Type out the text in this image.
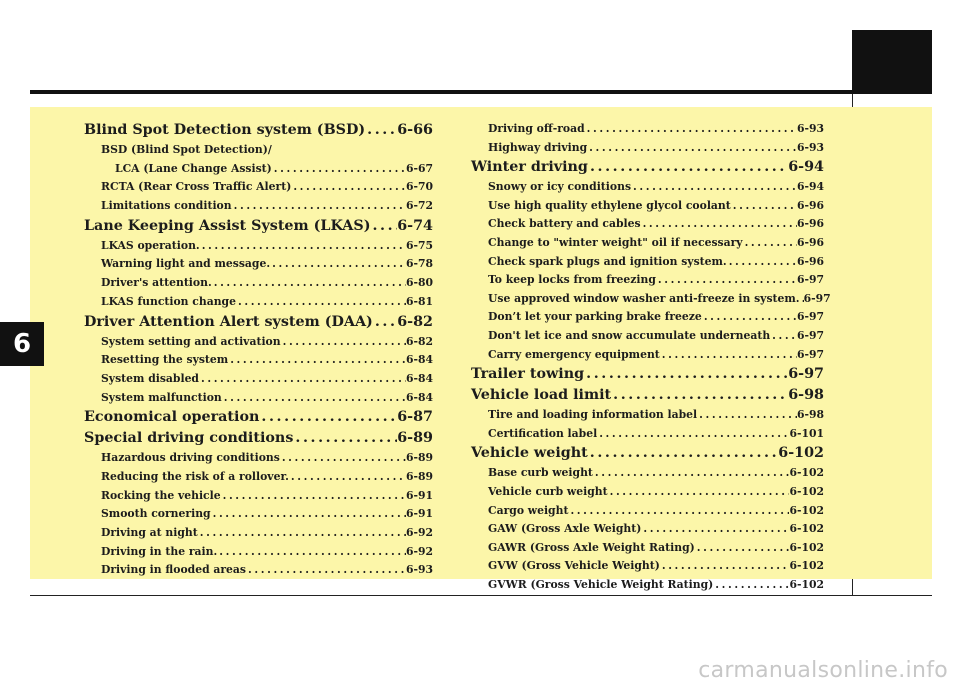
6
Blind Spot Detection system (BSD) ..... 6-66
BSD (Blind Spot Detection)/
LCA (Lane Change Assist) .....	6-67
RCTA (Rear Cross Traffic Alert) .....	6-70
Limitations condition .....	6-72
Lane Keeping Assist System (LKAS) ..... 6-74
LKAS operation. .....	6-75
Warning light and message. .....	6-78
Driver's attention. .....	6-80
LKAS function change .....	6-81
Driver Attention Alert system (DAA) ..... 6-82
System setting and activation .....	6-82
Resetting the system .....	6-84
System disabled .....	6-84
System malfunction .....	6-84
Economical operation .....	6-87
Special driving conditions .....	6-89
Hazardous driving conditions .....	6-89
Reducing the risk of a rollover. .....	6-89
Rocking the vehicle .....	6-91
Smooth cornering .....	6-91
Driving at night .....	6-92
Driving in the rain. .....	6-92
Driving in flooded areas .....	6-93
Driving off-road .....	6-93
Highway driving .....	6-93
Winter driving .....	6-94
Snowy or icy conditions .....	6-94
Use high quality ethylene glycol coolant .....	6-96
Check battery and cables .....	6-96
Change to "winter weight" oil if necessary .....	6-96
Check spark plugs and ignition system. .....	6-96
To keep locks from freezing .....	6-97
Use approved window washer anti-freeze in system. ..... 6-97
Don’t let your parking brake freeze .....	6-97
Don't let ice and snow accumulate underneath ..... 6-97
Carry emergency equipment .....	6-97
Trailer towing .....	6-97
Vehicle load limit .....	6-98
Tire and loading information label .....	6-98
Certification label .....	6-101
Vehicle weight .....	6-102
Base curb weight .....	6-102
Vehicle curb weight .....	6-102
Cargo weight .....	6-102
GAW (Gross Axle Weight) .....	6-102
GAWR (Gross Axle Weight Rating) .....	6-102
GVW (Gross Vehicle Weight) .....	6-102
GVWR (Gross Vehicle Weight Rating) .....	6-102
carmanualsonline.info
